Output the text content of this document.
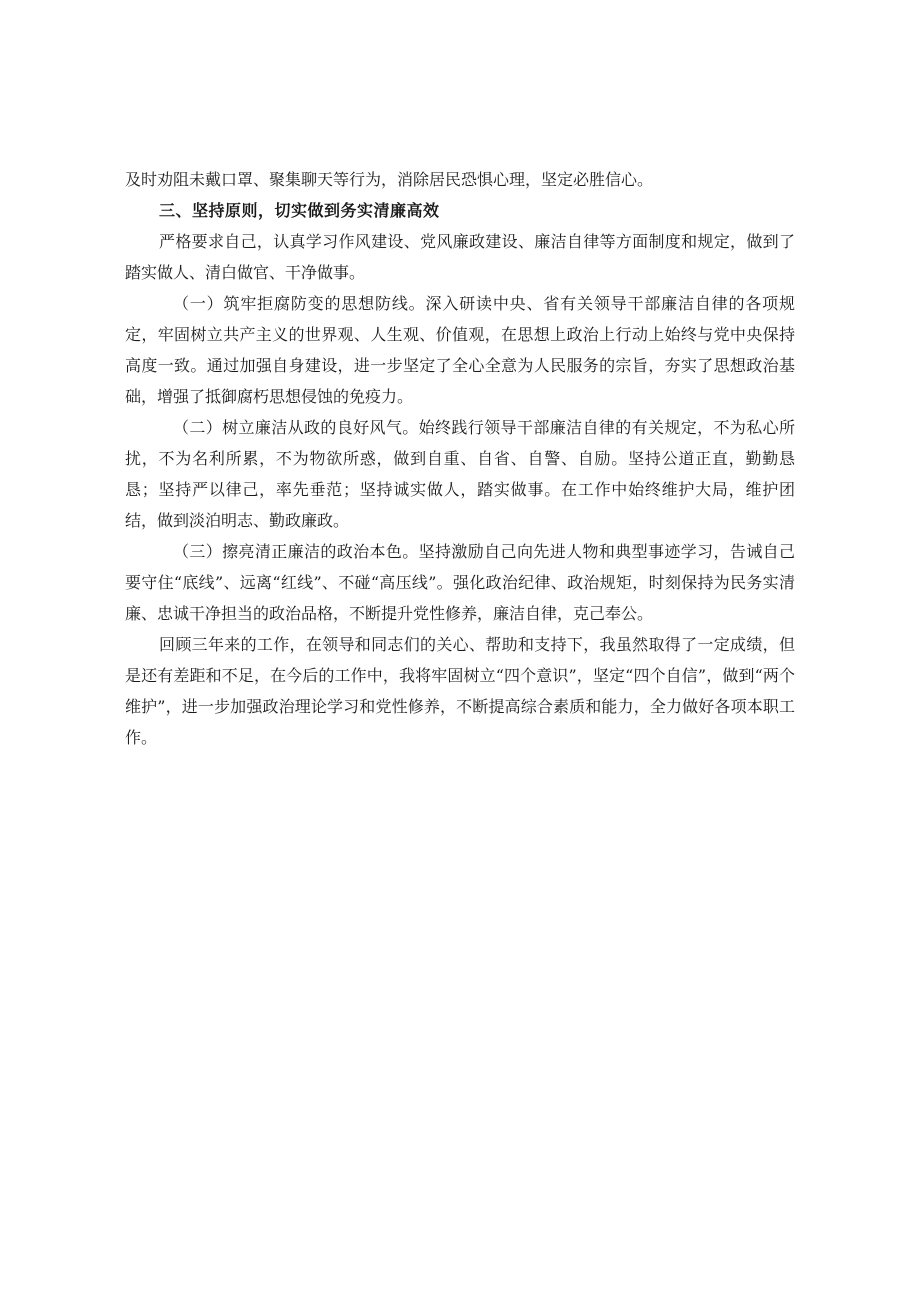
及时劝阻未戴口罩、聚集聊天等行为，消除居民恐惧心理，坚定必胜信心。

三、坚持原则，切实做到务实清廉高效

严格要求自己，认真学习作风建设、党风廉政建设、廉洁自律等方面制度和规定，做到了踏实做人、清白做官、干净做事。

（一）筑牢拒腐防变的思想防线。深入研读中央、省有关领导干部廉洁自律的各项规定，牢固树立共产主义的世界观、人生观、价值观，在思想上政治上行动上始终与党中央保持高度一致。通过加强自身建设，进一步坚定了全心全意为人民服务的宗旨，夯实了思想政治基础，增强了抵御腐朽思想侵蚀的免疫力。

（二）树立廉洁从政的良好风气。始终践行领导干部廉洁自律的有关规定，不为私心所扰，不为名利所累，不为物欲所惑，做到自重、自省、自警、自励。坚持公道正直，勤勤恳恳；坚持严以律己，率先垂范；坚持诚实做人，踏实做事。在工作中始终维护大局，维护团结，做到淡泊明志、勤政廉政。

（三）擦亮清正廉洁的政治本色。坚持激励自己向先进人物和典型事迹学习，告诫自己要守住“底线”、远离“红线”、不碰“高压线”。强化政治纪律、政治规矩，时刻保持为民务实清廉、忠诚干净担当的政治品格，不断提升党性修养，廉洁自律，克己奉公。

回顾三年来的工作，在领导和同志们的关心、帮助和支持下，我虽然取得了一定成绩，但是还有差距和不足，在今后的工作中，我将牢固树立“四个意识”，坚定“四个自信”，做到“两个维护”，进一步加强政治理论学习和党性修养，不断提高综合素质和能力，全力做好各项本职工作。
